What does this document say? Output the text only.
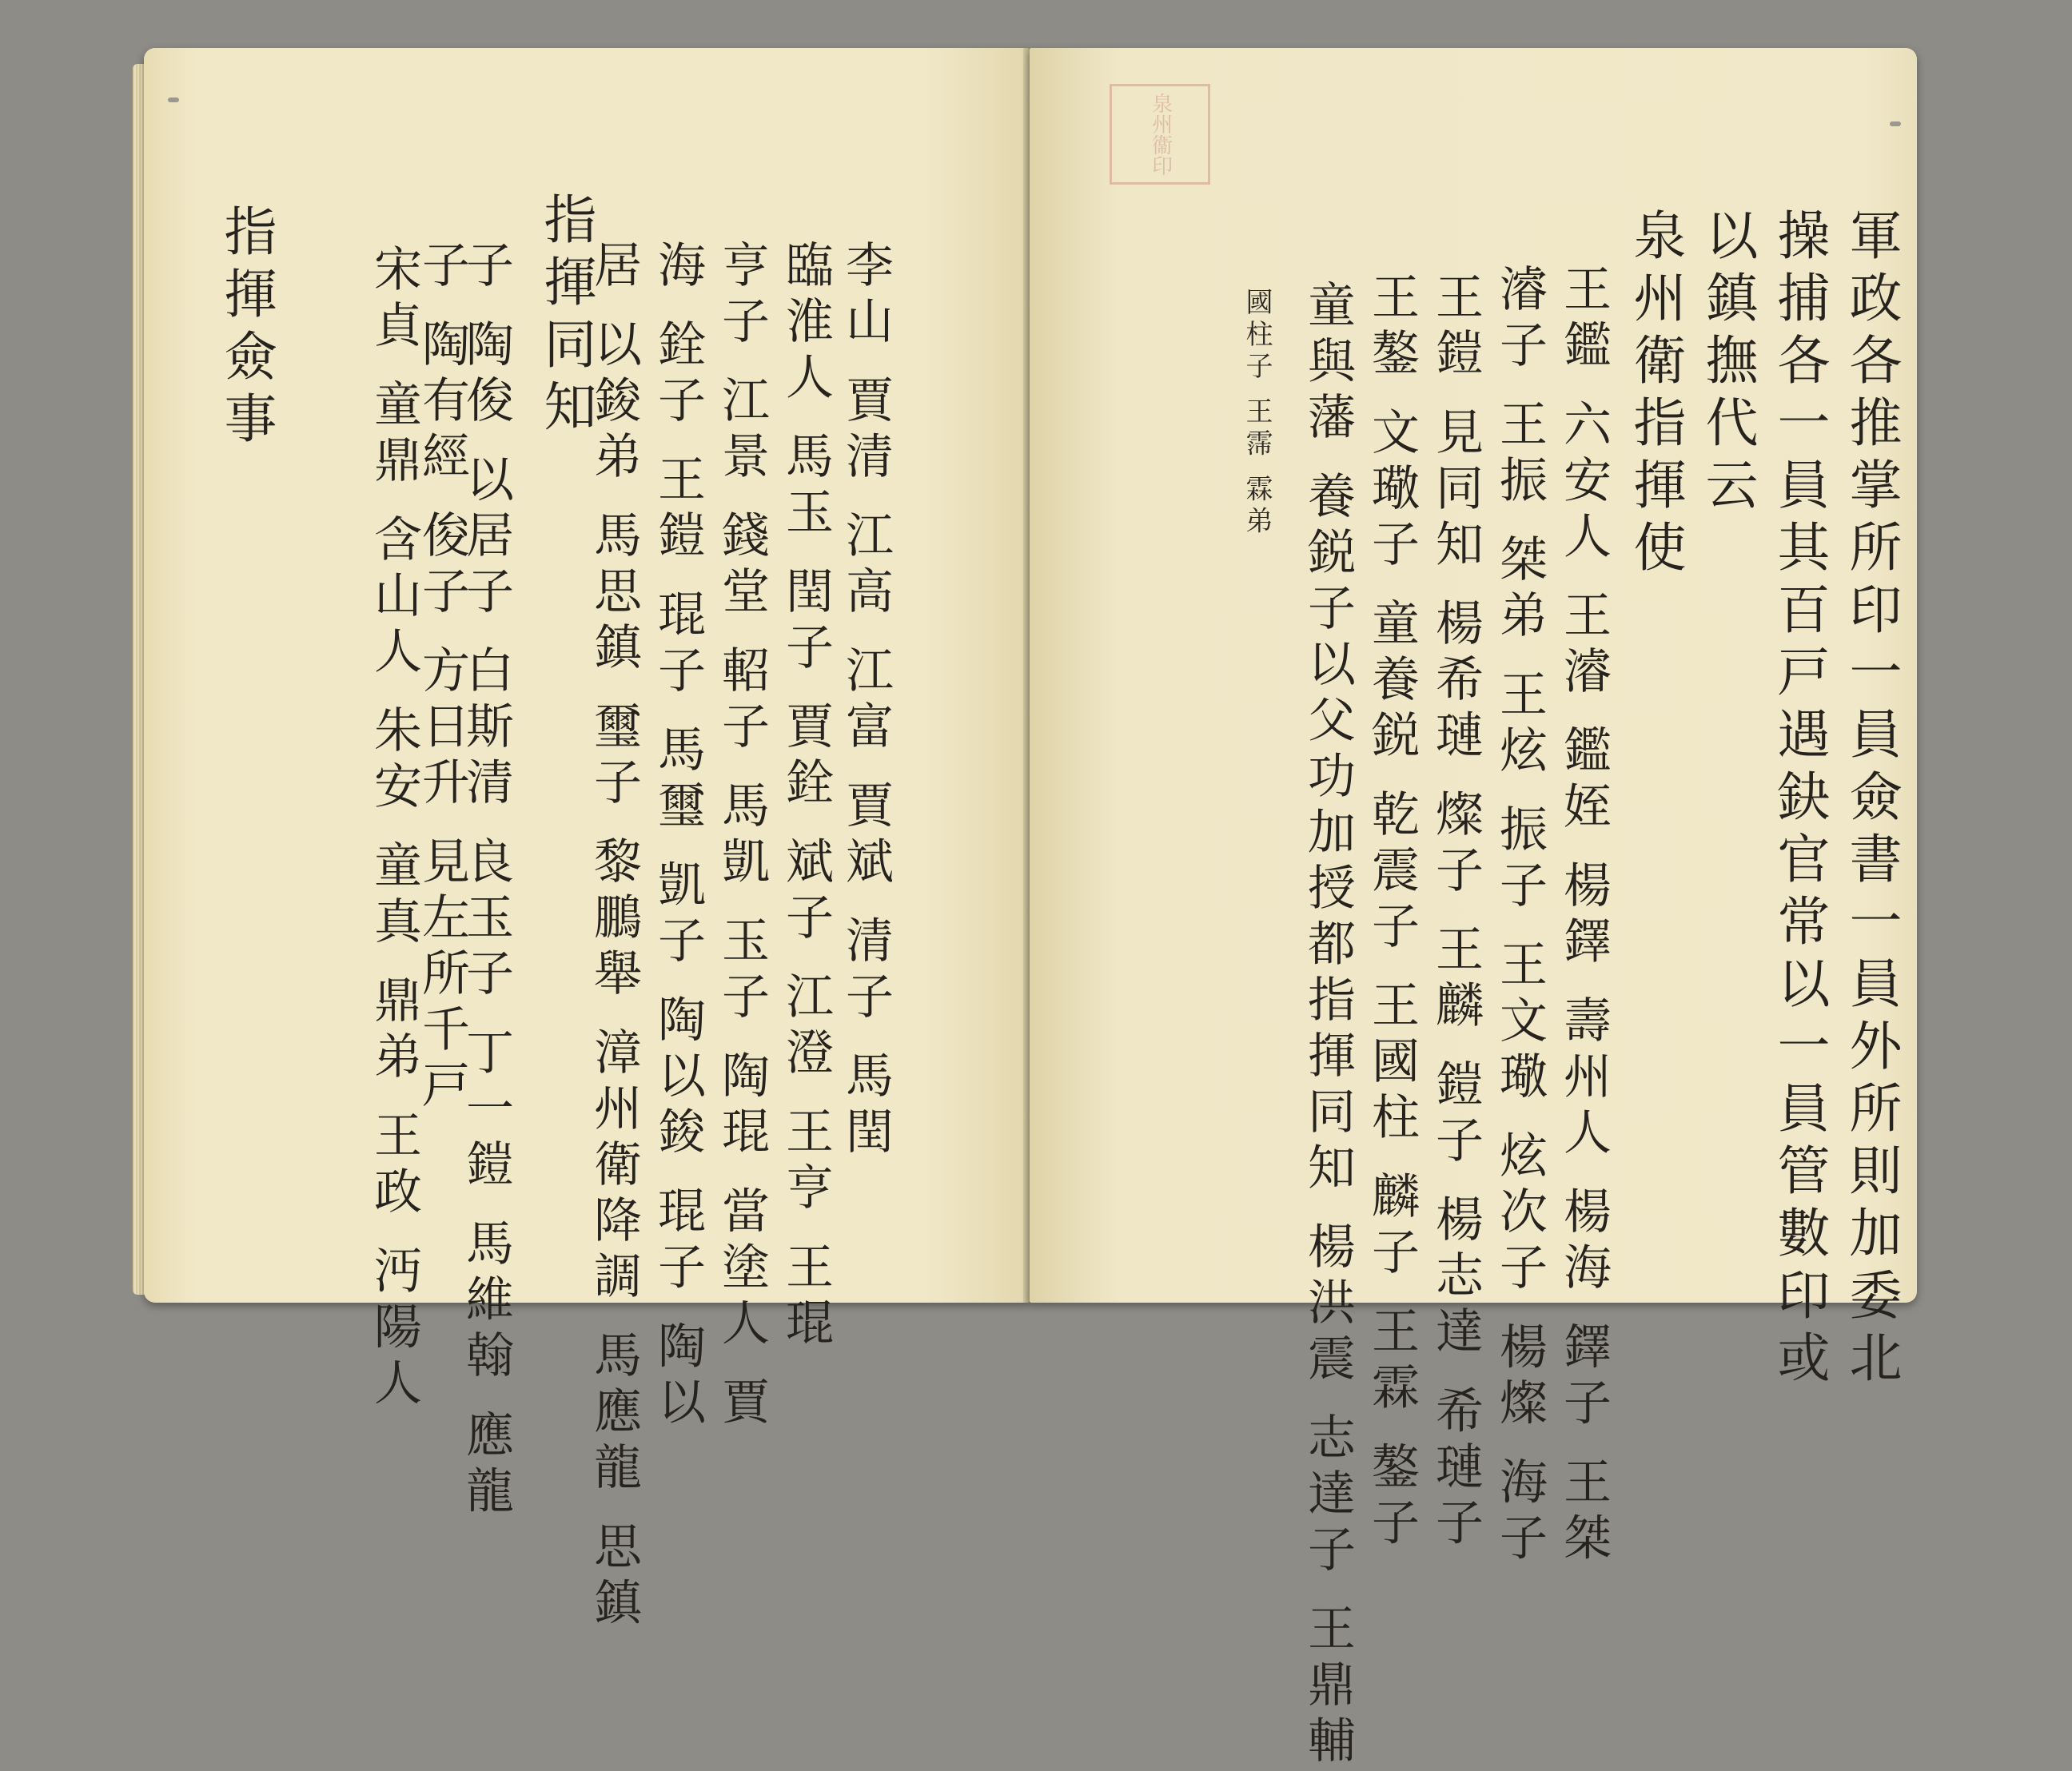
指揮同知
宋貞 童鼎 含山人 朱安 童真 鼎弟 王政 沔陽人
指揮僉事	李山 賈清 江高 江富 賈斌 清子 馬閏
臨淮人 馬玉 閏子 賈銓 斌子 江澄 王亨 王琨
亨子 江景 錢堂 軺子 馬凱 玉子 陶琨 當塗人 賈
海 銓子 王鎧 琨子 馬璽 凱子 陶以鋑 琨子 陶以
居 以鋑弟 馬思鎮 璽子 黎鵬舉 漳州衛降調 馬應龍 思鎮
子 陶俊 以居子 白斯清 良玉子 丁一鎧 馬維翰 應龍
子 陶有經 俊子 方日升 見左所千戸
泉州衞印
軍政各推掌所印一員僉書一員外所則加委北
操捕各一員其百戸遇鈌官常以一員管數印或
以鎮撫代云
泉州衛指揮使
王鑑 六安人 王濬 鑑姪 楊鐸 壽州人 楊海 鐸子 王桀
濬子 王振 桀弟 王炫 振子 王文璥 炫次子 楊燦 海子
王鎧 見同知 楊希璉 燦子 王麟 鎧子 楊志達 希璉子
王鏊 文璥子 童養鋭 乾震子 王國柱 麟子 王霖 鏊子
童與藩 養鋭子以父功加授都指揮同知 楊洪震 志達子 王鼎輔
國柱子 王霈 霖弟
